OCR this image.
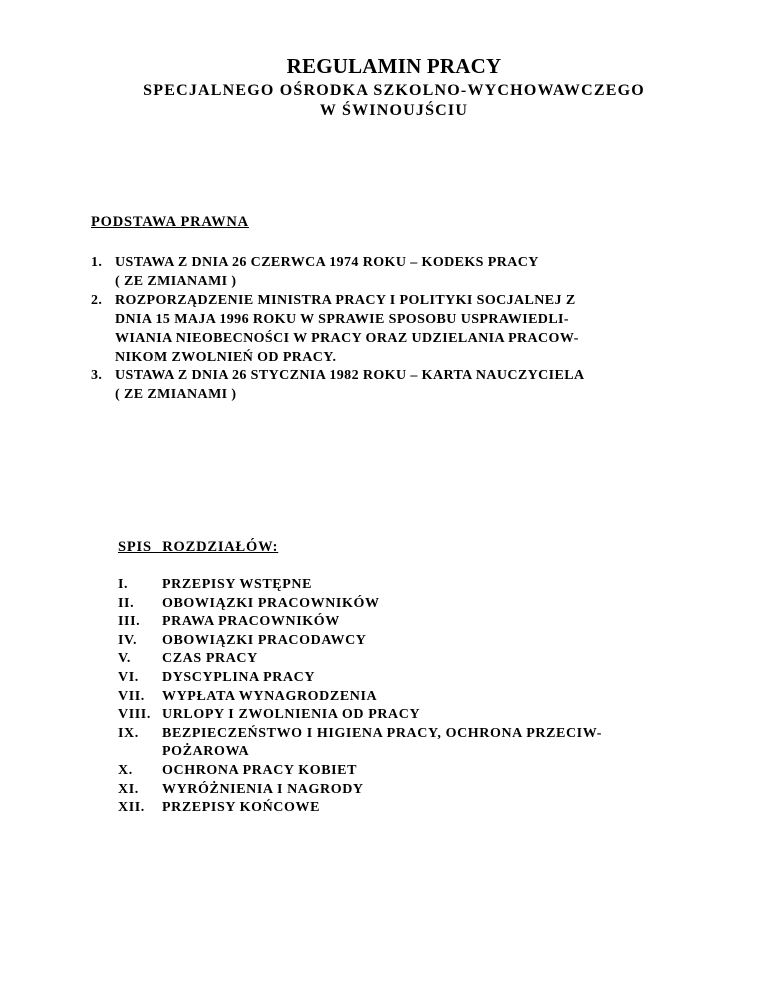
REGULAMIN PRACY
SPECJALNEGO OŚRODKA SZKOLNO-WYCHOWAWCZEGO
W ŚWINOUJŚCIU
PODSTAWA PRAWNA
1. USTAWA Z DNIA 26 CZERWCA 1974 ROKU – KODEKS PRACY
( ZE ZMIANAMI )
2. ROZPORZĄDZENIE MINISTRA PRACY I POLITYKI SOCJALNEJ Z
DNIA 15 MAJA 1996 ROKU W SPRAWIE SPOSOBU USPRAWIEDLI-
WIANIA NIEOBECNOŚCI W PRACY ORAZ UDZIELANIA PRACOW-
NIKOM ZWOLNIEŃ OD PRACY.
3. USTAWA Z DNIA 26 STYCZNIA 1982 ROKU – KARTA NAUCZYCIELA
( ZE ZMIANAMI )
SPIS ROZDZIAŁÓW:
I.	PRZEPISY WSTĘPNE
II.	OBOWIĄZKI PRACOWNIKÓW
III.	PRAWA PRACOWNIKÓW
IV.	OBOWIĄZKI PRACODAWCY
V.	CZAS PRACY
VI.	DYSCYPLINA PRACY
VII.	WYPŁATA WYNAGRODZENIA
VIII. URLOPY I ZWOLNIENIA OD PRACY
IX.	BEZPIECZEŃSTWO I HIGIENA PRACY, OCHRONA PRZECIW-
POŻAROWA
X.	OCHRONA PRACY KOBIET
XI.	WYRÓŻNIENIA I NAGRODY
XII.	PRZEPISY KOŃCOWE
